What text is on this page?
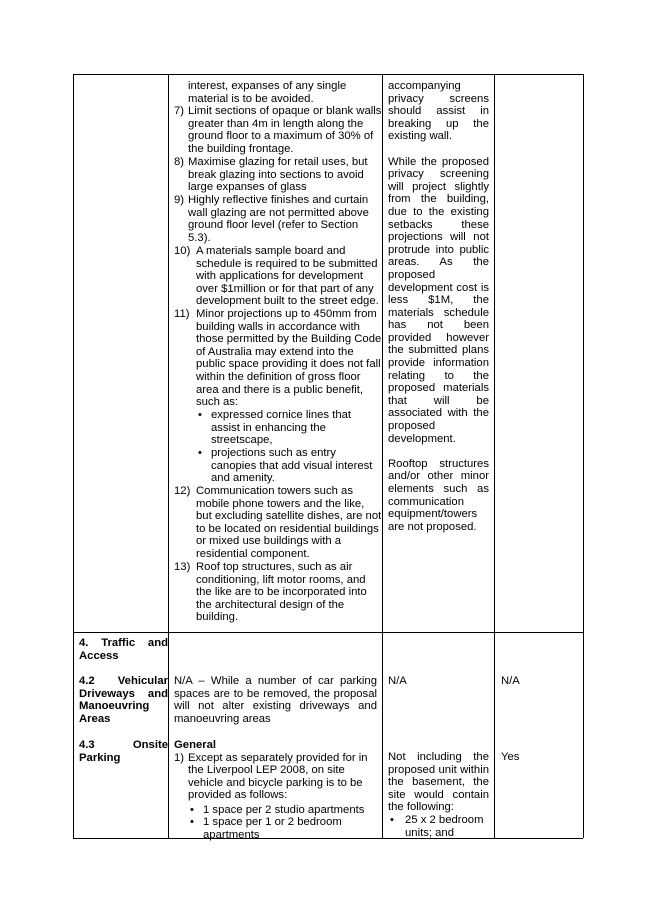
interest, expanses of any single material is to be avoided.
7) Limit sections of opaque or blank walls
greater than 4m in length along the
ground floor to a maximum of 30% of
the building frontage.
8) Maximise glazing for retail uses, but
break glazing into sections to avoid
large expanses of glass
9) Highly reflective finishes and curtain
wall glazing are not permitted above
ground floor level (refer to Section
5.3).
10) A materials sample board and
schedule is required to be submitted
with applications for development
over $1million or for that part of any
development built to the street edge.
11) Minor projections up to 450mm from
building walls in accordance with
those permitted by the Building Code
of Australia may extend into the
public space providing it does not fall
within the definition of gross floor
area and there is a public benefit,
such as:
• expressed cornice lines that
assist in enhancing the
streetscape,
• projections such as entry
canopies that add visual interest
and amenity.
12) Communication towers such as
mobile phone towers and the like,
but excluding satellite dishes, are not
to be located on residential buildings
or mixed use buildings with a
residential component.
13) Roof top structures, such as air
conditioning, lift motor rooms, and
the like are to be incorporated into
the architectural design of the
building.

accompanying privacy screens should assist in breaking up the existing wall.

While the proposed privacy screening will project slightly from the building, due to the existing setbacks these projections will not protrude into public areas. As the proposed development cost is less $1M, the materials schedule has not been provided however the submitted plans provide information relating to the proposed materials that will be associated with the proposed development.

Rooftop structures and/or other minor elements such as communication equipment/towers are not proposed.

4. Traffic and Access

4.2 Vehicular Driveways and Manoeuvring Areas

4.3 Onsite Parking

N/A – While a number of car parking spaces are to be removed, the proposal will not alter existing driveways and manoeuvring areas

N/A	N/A
General
1) Except as separately provided for in
the Liverpool LEP 2008, on site
vehicle and bicycle parking is to be
provided as follows:
• 1 space per 2 studio apartments
• 1 space per 1 or 2 bedroom
apartments

Not including the proposed unit within the basement, the site would contain the following:

• 25 x 2 bedroom
units; and
Yes
